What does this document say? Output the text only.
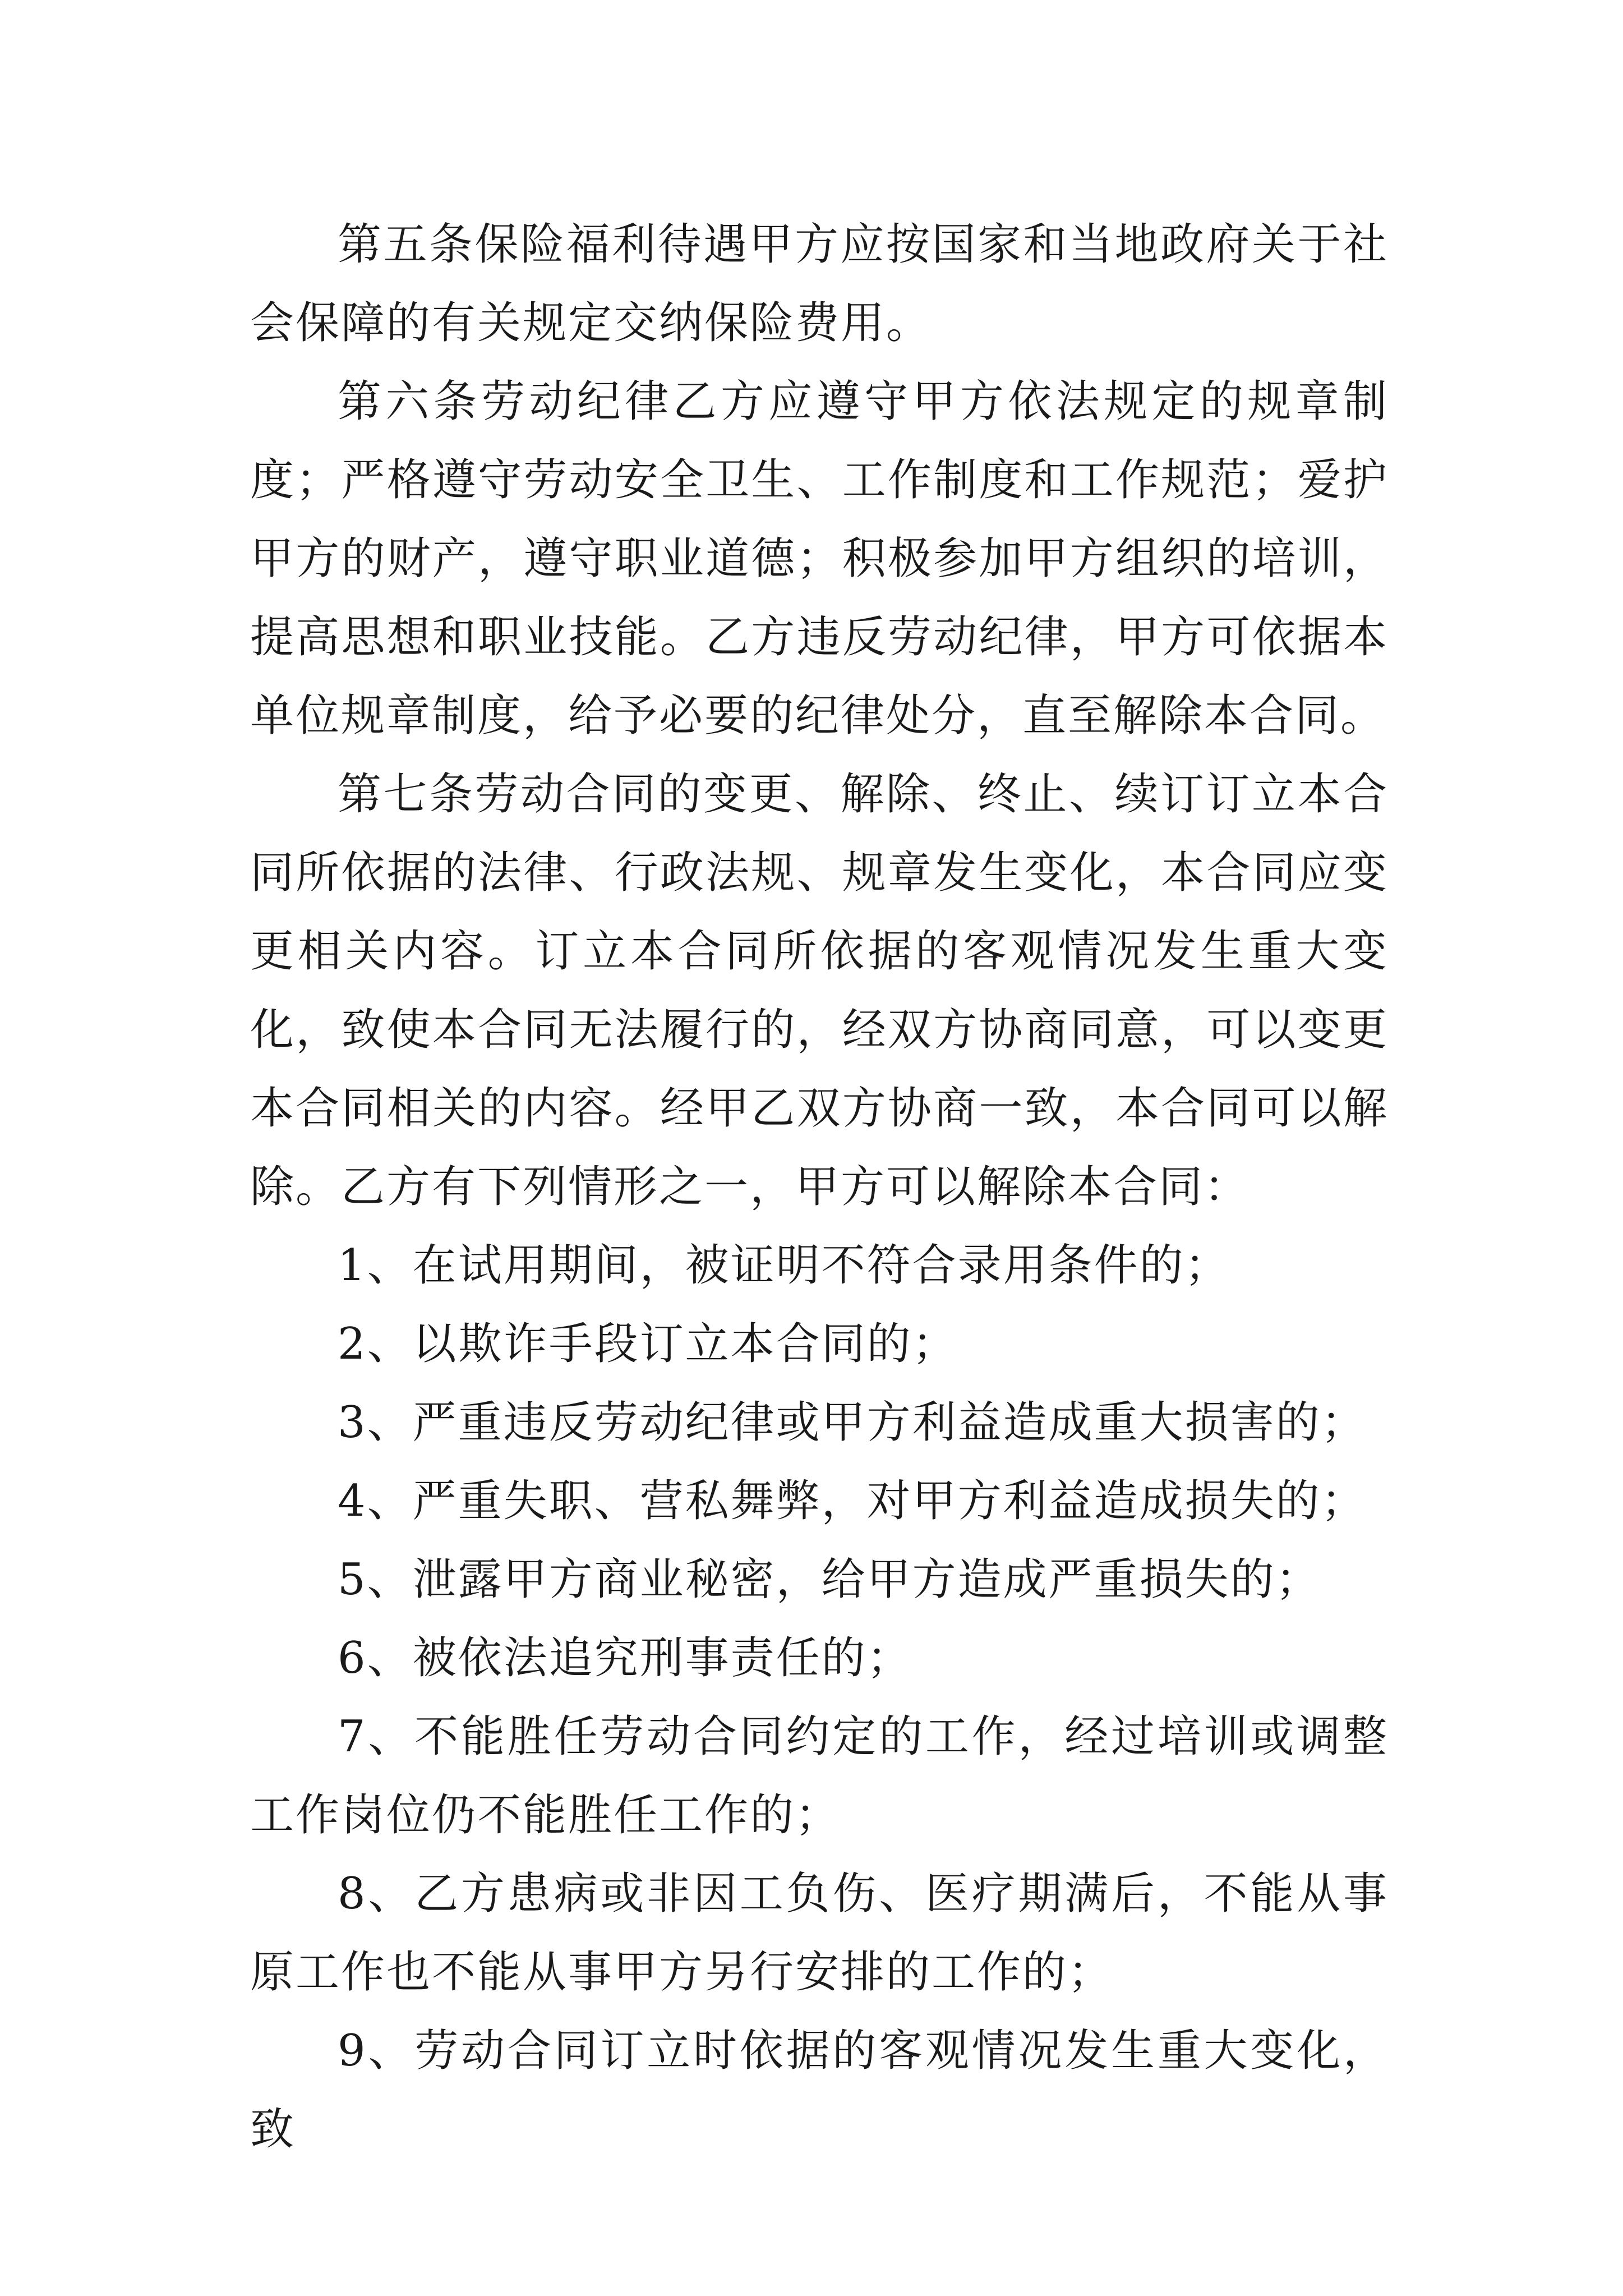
第五条保险福利待遇甲方应按国家和当地政府关于社会保障的有关规定交纳保险费用。

第六条劳动纪律乙方应遵守甲方依法规定的规章制度；严格遵守劳动安全卫生、工作制度和工作规范；爱护甲方的财产，遵守职业道德；积极参加甲方组织的培训，提高思想和职业技能。乙方违反劳动纪律，甲方可依据本单位规章制度，给予必要的纪律处分，直至解除本合同。

第七条劳动合同的变更、解除、终止、续订订立本合同所依据的法律、行政法规、规章发生变化，本合同应变更相关内容。订立本合同所依据的客观情况发生重大变化，致使本合同无法履行的，经双方协商同意，可以变更本合同相关的内容。经甲乙双方协商一致，本合同可以解除。乙方有下列情形之一，甲方可以解除本合同：

1、在试用期间，被证明不符合录用条件的；

2、以欺诈手段订立本合同的；

3、严重违反劳动纪律或甲方利益造成重大损害的；

4、严重失职、营私舞弊，对甲方利益造成损失的；

5、泄露甲方商业秘密，给甲方造成严重损失的；

6、被依法追究刑事责任的；

7、不能胜任劳动合同约定的工作，经过培训或调整工作岗位仍不能胜任工作的；

8、乙方患病或非因工负伤、医疗期满后，不能从事原工作也不能从事甲方另行安排的工作的；

9、劳动合同订立时依据的客观情况发生重大变化，致
